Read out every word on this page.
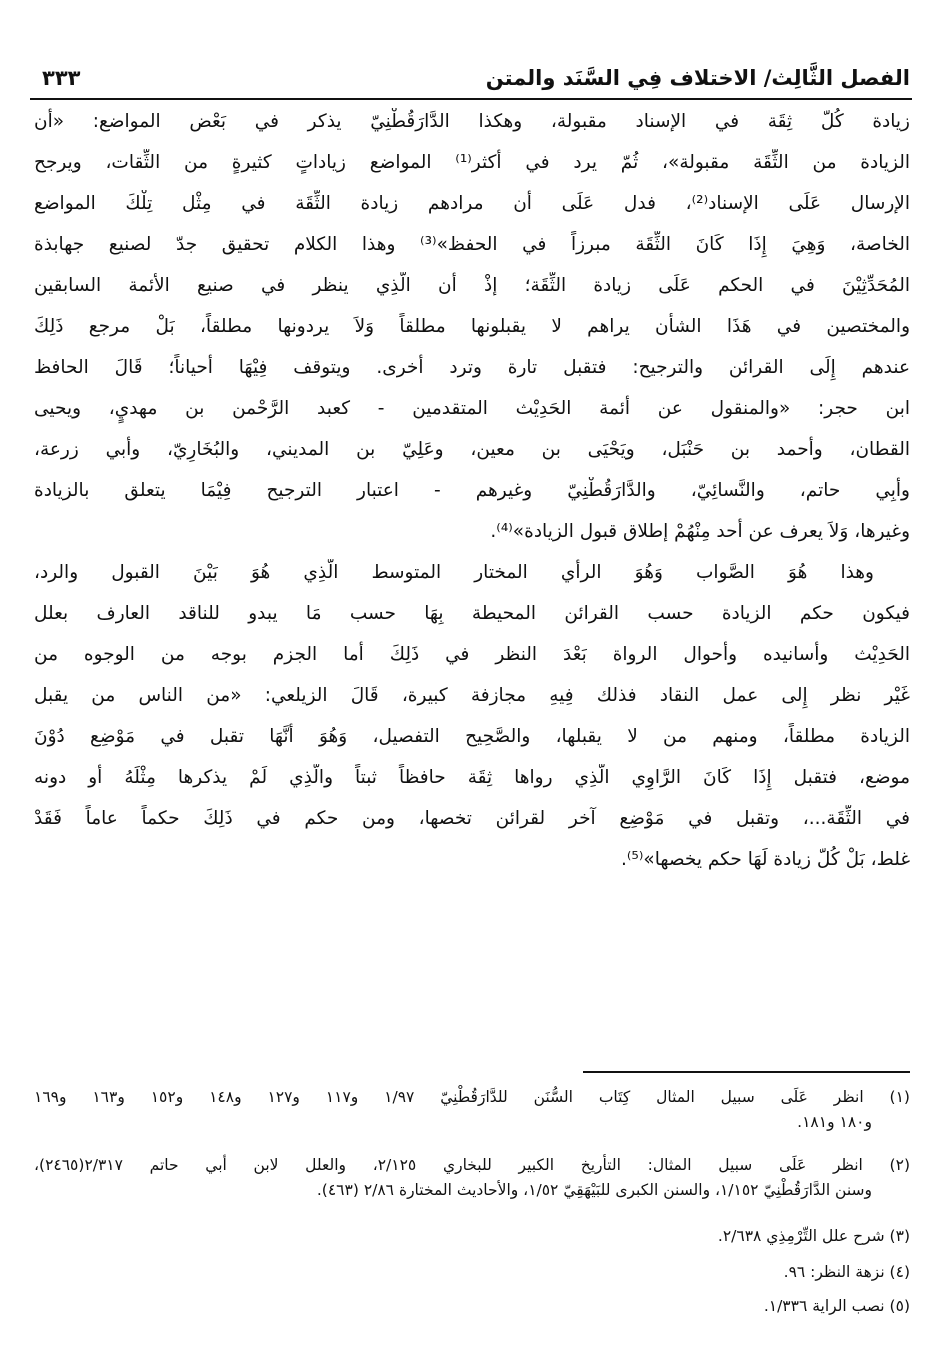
الفصل الثَّالِث/ الاختلاف فِي السَّنَد والمتن
٣٣٣
زيادة كُلّ ثِقَة في الإسناد مقبولة، وهكذا الدَّارَقُطْنِيّ يذكر في بَعْض المواضع: «أن
الزيادة من الثِّقَة مقبولة»، ثُمّ يرد في أكثر⁽¹⁾ المواضع زياداتٍ كثيرةٍ من الثِّقات، ويرجح
الإرسال عَلَى الإسناد⁽²⁾، فدل عَلَى أن مرادهم زيادة الثِّقَة في مِثْل تِلْكَ المواضع
الخاصة، وَهِيَ إِذَا كَانَ الثِّقَة مبرزاً في الحفظ»⁽³⁾ وهذا الكلام تحقيق جدّ لصنيع جهابذة
المُحَدِّثِيْنَ في الحكم عَلَى زيادة الثِّقَة؛ إذْ أن الَّذِي ينظر في صنيع الأئمة السابقين
والمختصين في هَذَا الشأن يراهم لا يقبلونها مطلقاً وَلاَ يردونها مطلقاً، بَلْ مرجع ذَلِكَ
عندهم إِلَى القرائن والترجيح: فتقبل تارة وترد أخرى. ويتوقف فِيْهَا أحياناً؛ قَالَ الحافظ
ابن حجر: «والمنقول عن أئمة الحَدِيْث المتقدمين - كعبد الرَّحْمن بن مهديٍ، ويحيى
القطان، وأحمد بن حَنْبَل، ويَحْيَى بن معين، وعَلِيّ بن المديني، والبُخَارِيّ، وأبي زرعة،
وأَبِي حاتم، والنَّسائِيّ، والدَّارَقُطْنِيّ وغيرهم - اعتبار الترجيح فِيْمَا يتعلق بالزيادة
وغيرها، وَلاَ يعرف عن أحد مِنْهُمْ إطلاق قبول الزيادة»⁽⁴⁾.
وهذا هُوَ الصَّواب وَهُوَ الرأي المختار المتوسط الَّذِي هُوَ بَيْنَ القبول والرد،
فيكون حكم الزيادة حسب القرائن المحيطة بِهَا حسب مَا يبدو للناقد العارف بعلل
الحَدِيْث وأسانيده وأحوال الرواة بَعْدَ النظر في ذَلِكَ أما الجزم بوجه من الوجوه من
غَيْر نظر إِلى عمل النقاد فذلك فِيهِ مجازفة كبيرة، قَالَ الزيلعي: «من الناس من يقبل
الزيادة مطلقاً، ومنهم من لا يقبلها، والصَّحِيح التفصيل، وَهُوَ أَنَّهَا تقبل في مَوْضِع دُوْنَ
موضع، فتقبل إِذَا كَانَ الرَّاوِي الَّذِي رواها ثِقَة حافظاً ثبتاً والَّذِي لَمْ يذكرها مِثْلَهُ أو دونه
في الثِّقَة...، وتقبل في مَوْضِع آخر لقرائن تخصها، ومن حكم في ذَلِكَ حكماً عاماً فَقَدْ
غلط، بَلْ كُلّ زيادة لَهَا حكم يخصها»⁽⁵⁾.
(١) انظر عَلَى سبيل المثال كِتَاب السُّنَن للدَّارَقُطْنِيّ ١/٩٧ و١١٧ و١٢٧ و١٤٨ و١٥٢ و١٦٣ و١٦٩
و١٨٠ و١٨١.
(٢) انظر عَلَى سبيل المثال: التأريخ الكبير للبخاري ٢/١٢٥، والعلل لابن أبي حاتم ٢/٣١٧(٢٤٦٥)،
وسنن الدَّارَقُطْنِيّ ١/١٥٢، والسنن الكبرى للبَيْهَقِيّ ١/٥٢، والأحاديث المختارة ٢/٨٦ (٤٦٣).
(٣) شرح علل التِّرْمِذِي ٢/٦٣٨.
(٤) نزهة النظر: ٩٦.
(٥) نصب الراية ١/٣٣٦.
